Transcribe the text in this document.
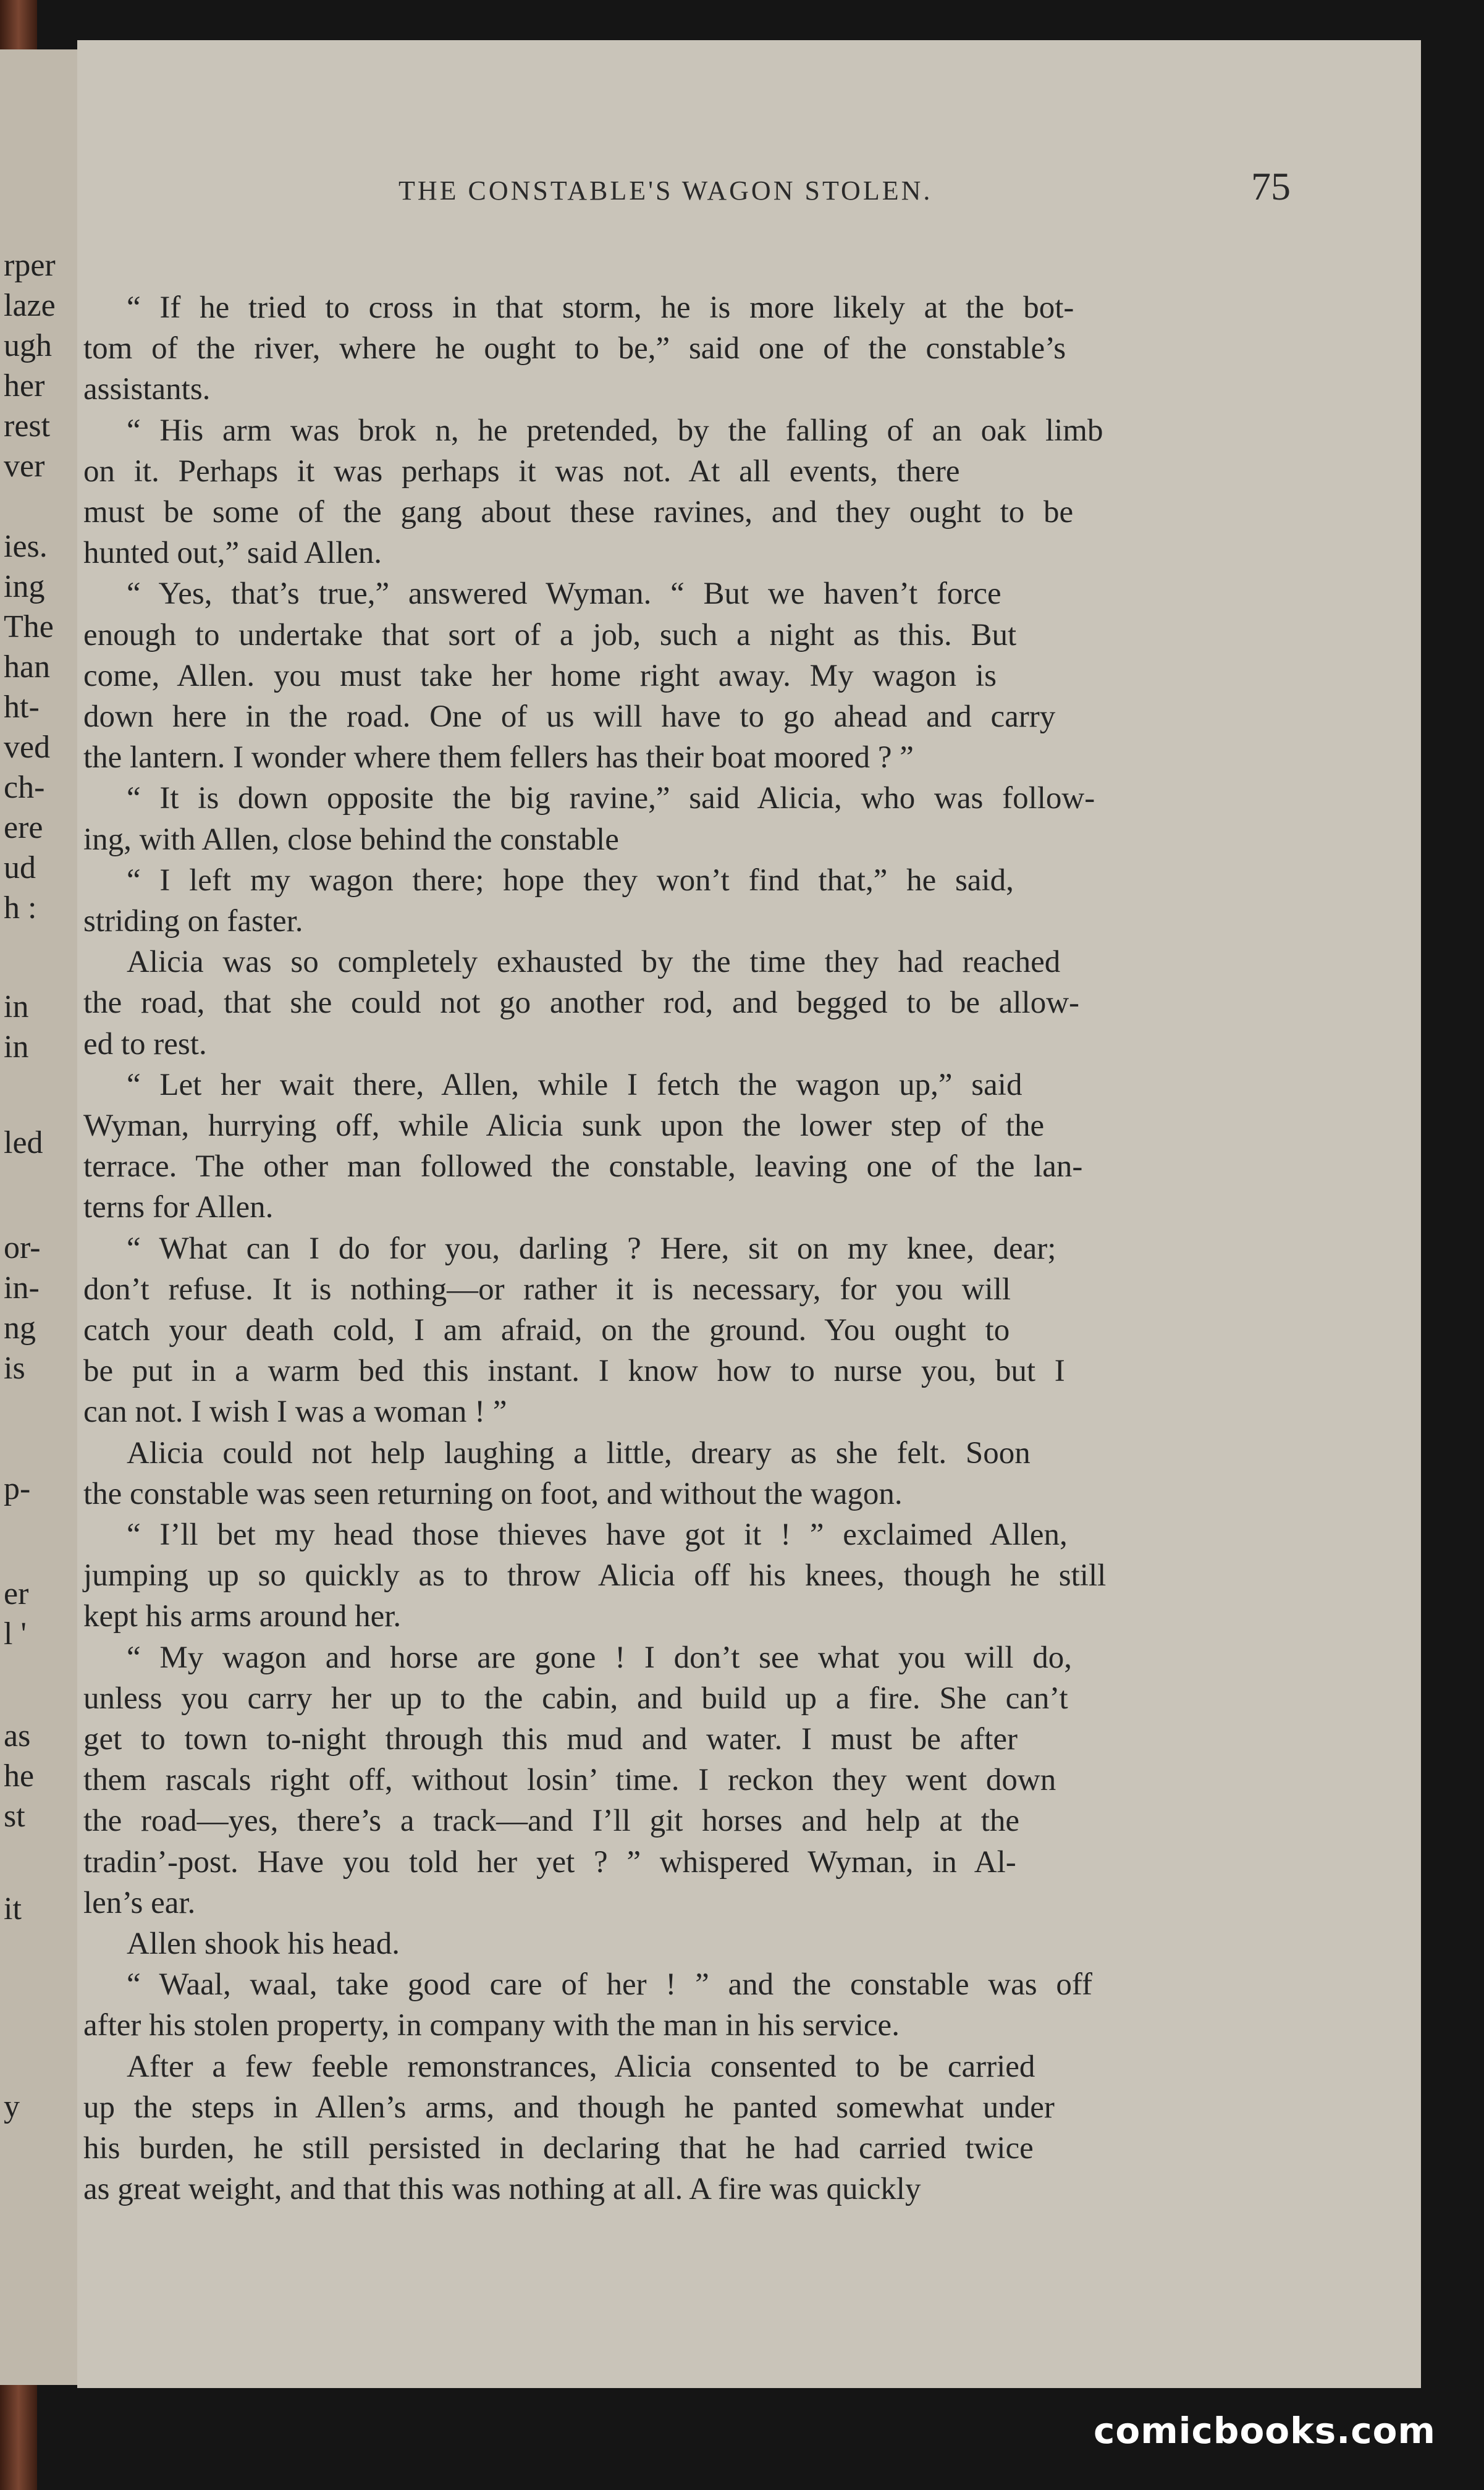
rper
laze
ugh
her
rest
ver
ies.
ing
The
han
ht-
ved
ch-
ere
ud
h :
in
in
led
or-
in-
ng
is
p-
er
l '
as
he
st
it
y
THE CONSTABLE'S WAGON STOLEN.	75
“ If he tried to cross in that storm, he is more likely at the bot-
tom of the river, where he ought to be,” said one of the constable’s
assistants.
“ His arm was brok n, he pretended, by the falling of an oak limb
on it. Perhaps it was perhaps it was not. At all events, there
must be some of the gang about these ravines, and they ought to be
hunted out,” said Allen.
“ Yes, that’s true,” answered Wyman. “ But we haven’t force
enough to undertake that sort of a job, such a night as this. But
come, Allen. you must take her home right away. My wagon is
down here in the road. One of us will have to go ahead and carry
the lantern. I wonder where them fellers has their boat moored ? ”
“ It is down opposite the big ravine,” said Alicia, who was follow-
ing, with Allen, close behind the constable
“ I left my wagon there; hope they won’t find that,” he said,
striding on faster.
Alicia was so completely exhausted by the time they had reached
the road, that she could not go another rod, and begged to be allow-
ed to rest.
“ Let her wait there, Allen, while I fetch the wagon up,” said
Wyman, hurrying off, while Alicia sunk upon the lower step of the
terrace. The other man followed the constable, leaving one of the lan-
terns for Allen.
“ What can I do for you, darling ? Here, sit on my knee, dear;
don’t refuse. It is nothing—or rather it is necessary, for you will
catch your death cold, I am afraid, on the ground. You ought to
be put in a warm bed this instant. I know how to nurse you, but I
can not. I wish I was a woman ! ”
Alicia could not help laughing a little, dreary as she felt. Soon
the constable was seen returning on foot, and without the wagon.
“ I’ll bet my head those thieves have got it ! ” exclaimed Allen,
jumping up so quickly as to throw Alicia off his knees, though he still
kept his arms around her.
“ My wagon and horse are gone ! I don’t see what you will do,
unless you carry her up to the cabin, and build up a fire. She can’t
get to town to-night through this mud and water. I must be after
them rascals right off, without losin’ time. I reckon they went down
the road—yes, there’s a track—and I’ll git horses and help at the
tradin’-post. Have you told her yet ? ” whispered Wyman, in Al-
len’s ear.
Allen shook his head.
“ Waal, waal, take good care of her ! ” and the constable was off
after his stolen property, in company with the man in his service.
After a few feeble remonstrances, Alicia consented to be carried
up the steps in Allen’s arms, and though he panted somewhat under
his burden, he still persisted in declaring that he had carried twice
as great weight, and that this was nothing at all. A fire was quickly
comicbooks.com
